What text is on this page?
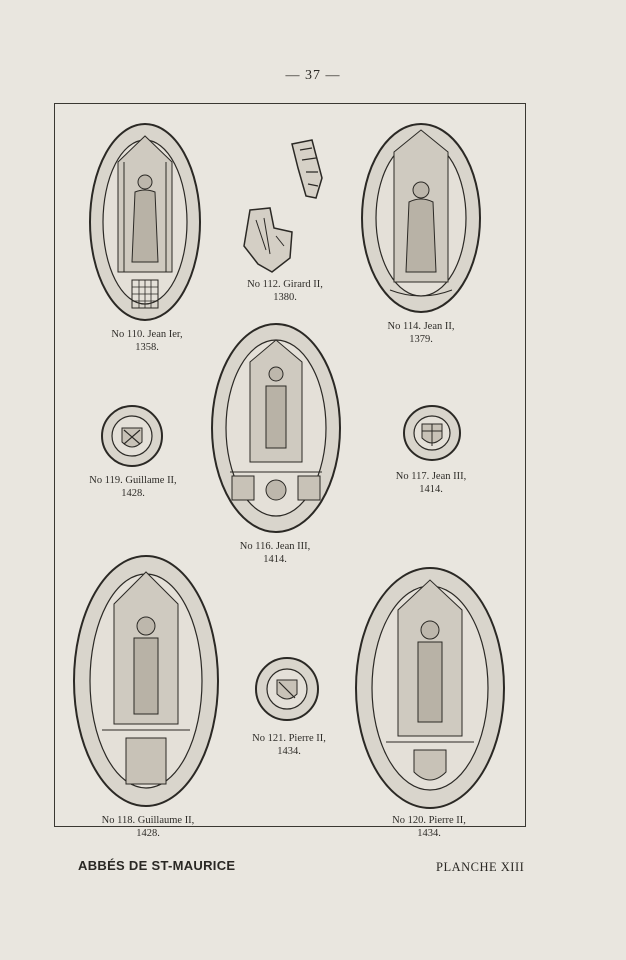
— 37 —
No 110. Jean Ier,
1358.
No 112. Girard II,
1380.
No 114. Jean II,
1379.
No 119. Guillame II,
1428.
No 116. Jean III,
1414.
No 117. Jean III,
1414.
No 118. Guillaume II,
1428.
No 121. Pierre II,
1434.
No 120. Pierre II,
1434.
ABBÉS DE ST-MAURICE	PLANCHE XIII
